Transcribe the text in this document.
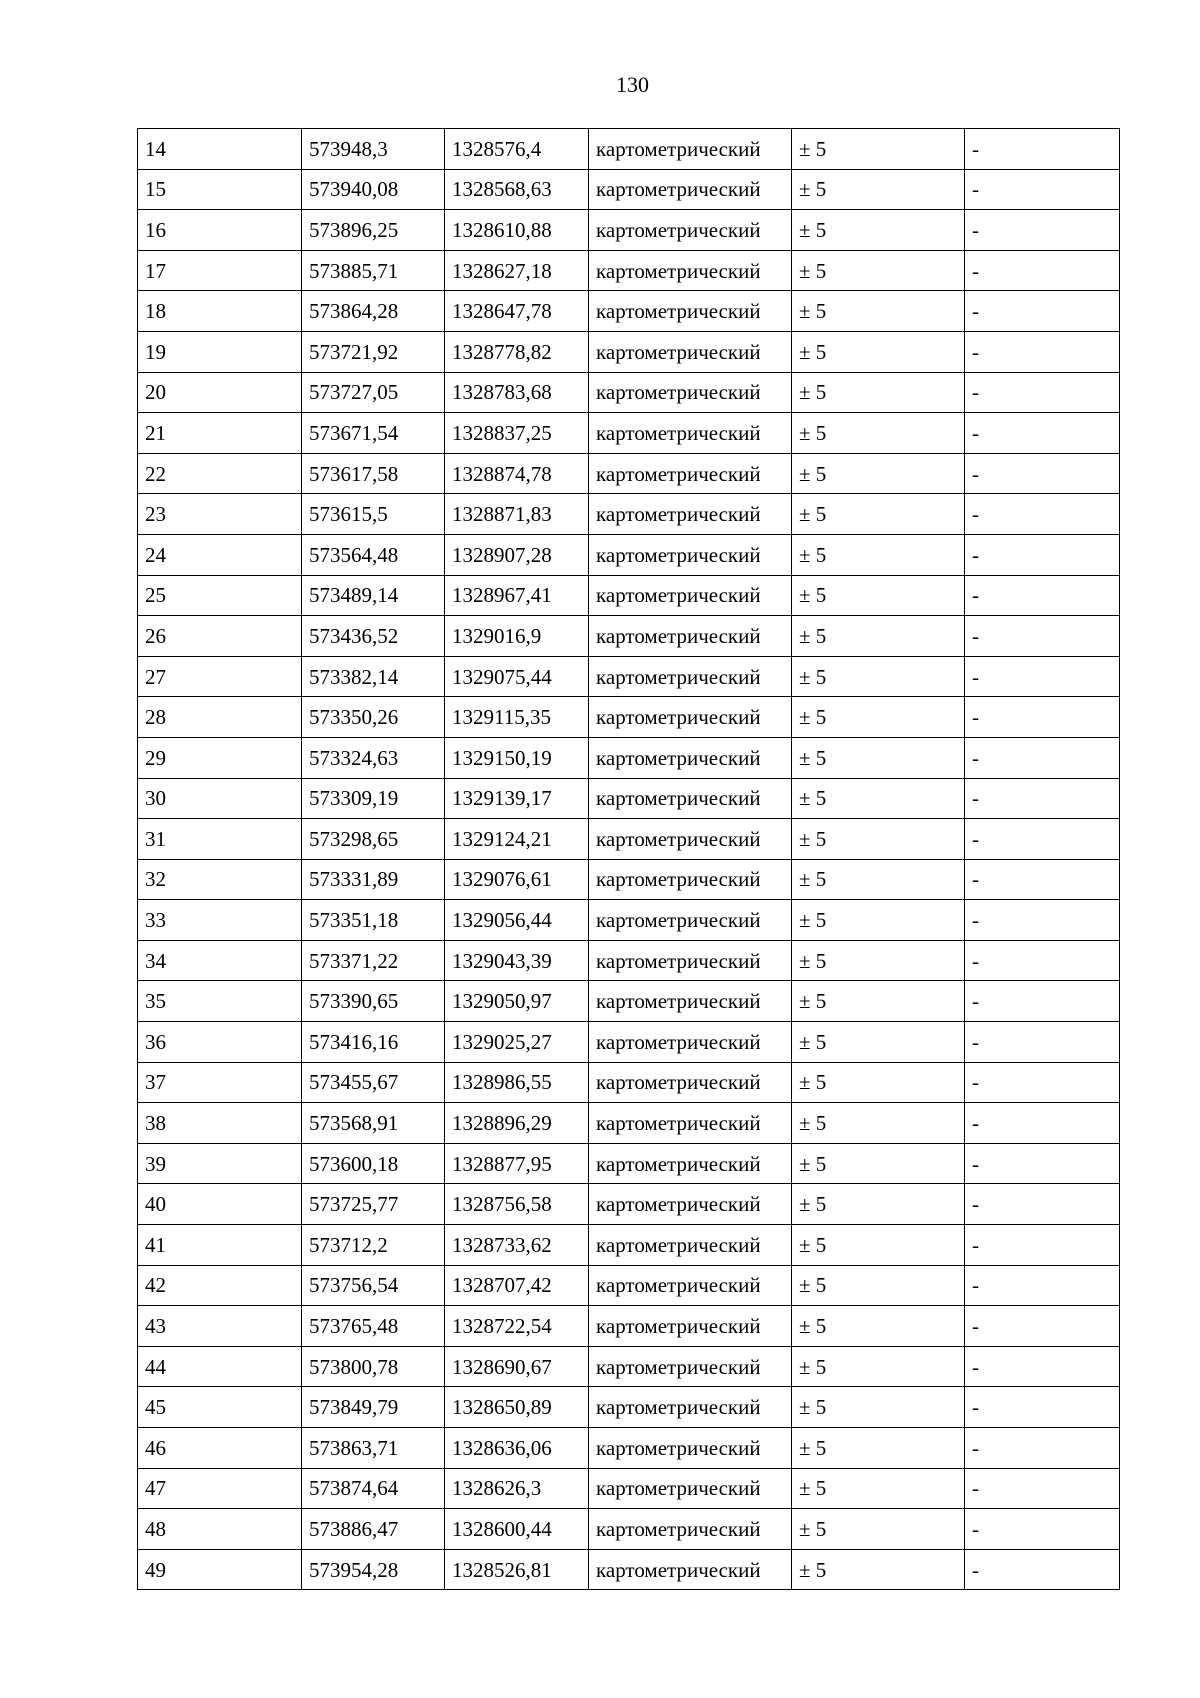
130
14	573948,3	1328576,4	картометрический	± 5	-
15	573940,08	1328568,63	картометрический	± 5	-
16	573896,25	1328610,88	картометрический	± 5	-
17	573885,71	1328627,18	картометрический	± 5	-
18	573864,28	1328647,78	картометрический	± 5	-
19	573721,92	1328778,82	картометрический	± 5	-
20	573727,05	1328783,68	картометрический	± 5	-
21	573671,54	1328837,25	картометрический	± 5	-
22	573617,58	1328874,78	картометрический	± 5	-
23	573615,5	1328871,83	картометрический	± 5	-
24	573564,48	1328907,28	картометрический	± 5	-
25	573489,14	1328967,41	картометрический	± 5	-
26	573436,52	1329016,9	картометрический	± 5	-
27	573382,14	1329075,44	картометрический	± 5	-
28	573350,26	1329115,35	картометрический	± 5	-
29	573324,63	1329150,19	картометрический	± 5	-
30	573309,19	1329139,17	картометрический	± 5	-
31	573298,65	1329124,21	картометрический	± 5	-
32	573331,89	1329076,61	картометрический	± 5	-
33	573351,18	1329056,44	картометрический	± 5	-
34	573371,22	1329043,39	картометрический	± 5	-
35	573390,65	1329050,97	картометрический	± 5	-
36	573416,16	1329025,27	картометрический	± 5	-
37	573455,67	1328986,55	картометрический	± 5	-
38	573568,91	1328896,29	картометрический	± 5	-
39	573600,18	1328877,95	картометрический	± 5	-
40	573725,77	1328756,58	картометрический	± 5	-
41	573712,2	1328733,62	картометрический	± 5	-
42	573756,54	1328707,42	картометрический	± 5	-
43	573765,48	1328722,54	картометрический	± 5	-
44	573800,78	1328690,67	картометрический	± 5	-
45	573849,79	1328650,89	картометрический	± 5	-
46	573863,71	1328636,06	картометрический	± 5	-
47	573874,64	1328626,3	картометрический	± 5	-
48	573886,47	1328600,44	картометрический	± 5	-
49	573954,28	1328526,81	картометрический	± 5	-
